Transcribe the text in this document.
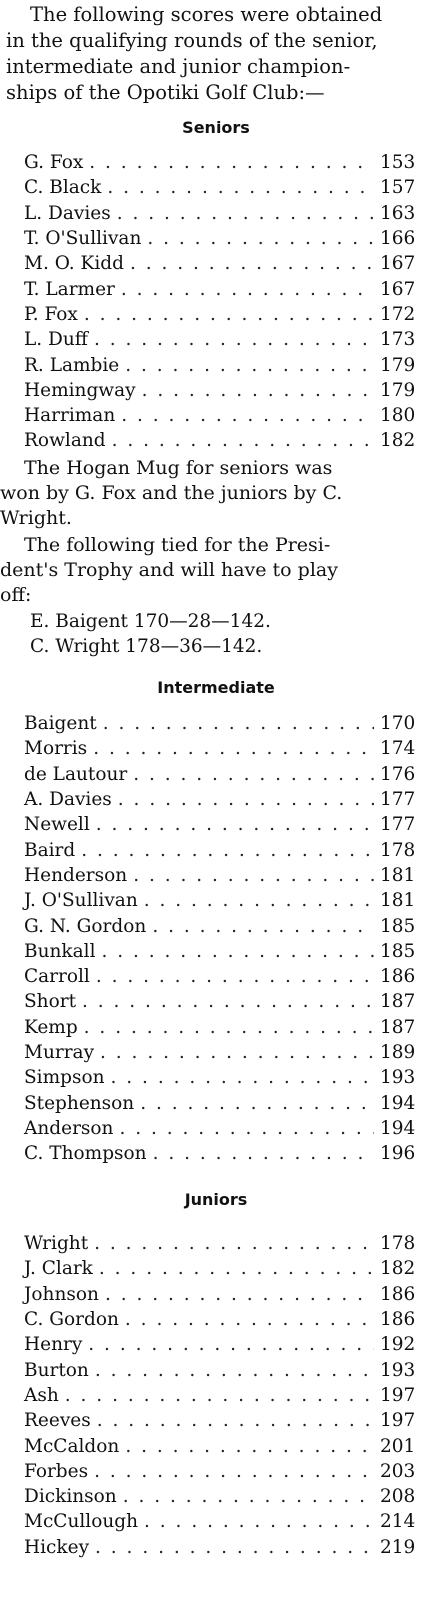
The following scores were obtained
in the qualifying rounds of the senior,
intermediate and junior champion-
ships of the Opotiki Golf Club:—

Seniors
G. Fox . . .	153
C. Black . . .	157
L. Davies . . .	163
T. O'Sullivan . . .	166
M. O. Kidd . . .	167
T. Larmer . . .	167
P. Fox . . .	172
L. Duff . . .	173
R. Lambie . . .	179
Hemingway . . .	179
Harriman . . .	180
Rowland . . .	182

The Hogan Mug for seniors was
won by G. Fox and the juniors by C.
Wright.

The following tied for the Presi-
dent's Trophy and will have to play
off:

E. Baigent 170—28—142.

C. Wright 178—36—142.

Intermediate
Baigent . . .	170
Morris . . .	174
de Lautour . . .	176
A. Davies . . .	177
Newell . . .	177
Baird . . .	178
Henderson . . .	181
J. O'Sullivan . . .	181
G. N. Gordon . . .	185
Bunkall . . .	185
Carroll . . .	186
Short . . .	187
Kemp . . .	187
Murray . . .	189
Simpson . . .	193
Stephenson . . .	194
Anderson . . .	194
C. Thompson . . .	196
Juniors
Wright . . .	178
J. Clark . . .	182
Johnson . . .	186
C. Gordon . . .	186
Henry . . .	192
Burton . . .	193
Ash . . .	197
Reeves . . .	197
McCaldon . . .	201
Forbes . . .	203
Dickinson . . .	208
McCullough . . .	214
Hickey . . .	219
